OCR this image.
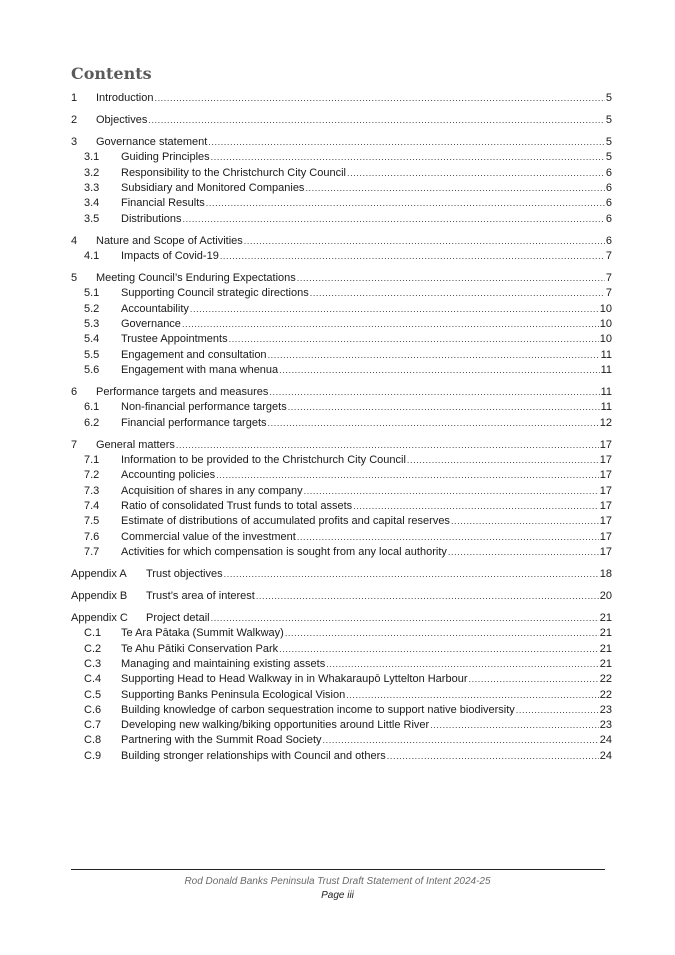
Contents
1	Introduction .....	5
2	Objectives .....	5
3	Governance statement .....	5
3.1	Guiding Principles .....	5
3.2	Responsibility to the Christchurch City Council .....	6
3.3	Subsidiary and Monitored Companies .....	6
3.4	Financial Results .....	6
3.5	Distributions .....	6
4	Nature and Scope of Activities .....	6
4.1	Impacts of Covid-19 .....	7
5	Meeting Council’s Enduring Expectations .....	7
5.1	Supporting Council strategic directions .....	7
5.2	Accountability .....	10
5.3	Governance .....	10
5.4	Trustee Appointments .....	10
5.5	Engagement and consultation .....	11
5.6	Engagement with mana whenua .....	11
6	Performance targets and measures .....	11
6.1	Non-financial performance targets .....	11
6.2	Financial performance targets .....	12
7	General matters .....	17
7.1	Information to be provided to the Christchurch City Council .....	17
7.2	Accounting policies .....	17
7.3	Acquisition of shares in any company .....	17
7.4	Ratio of consolidated Trust funds to total assets .....	17
7.5	Estimate of distributions of accumulated profits and capital reserves .....	17
7.6	Commercial value of the investment .....	17
7.7	Activities for which compensation is sought from any local authority .....	17
Appendix A	Trust objectives .....	18
Appendix B	Trust’s area of interest .....	20
Appendix C	Project detail .....	21
C.1	Te Ara Pātaka (Summit Walkway) .....	21
C.2	Te Ahu Pātiki Conservation Park .....	21
C.3	Managing and maintaining existing assets .....	21
C.4	Supporting Head to Head Walkway in in Whakaraupō Lyttelton Harbour .....	22
C.5	Supporting Banks Peninsula Ecological Vision .....	22
C.6	Building knowledge of carbon sequestration income to support native biodiversity .....	23
C.7	Developing new walking/biking opportunities around Little River .....	23
C.8	Partnering with the Summit Road Society .....	24
C.9	Building stronger relationships with Council and others .....	24
Rod Donald Banks Peninsula Trust Draft Statement of Intent 2024-25
Page iii
